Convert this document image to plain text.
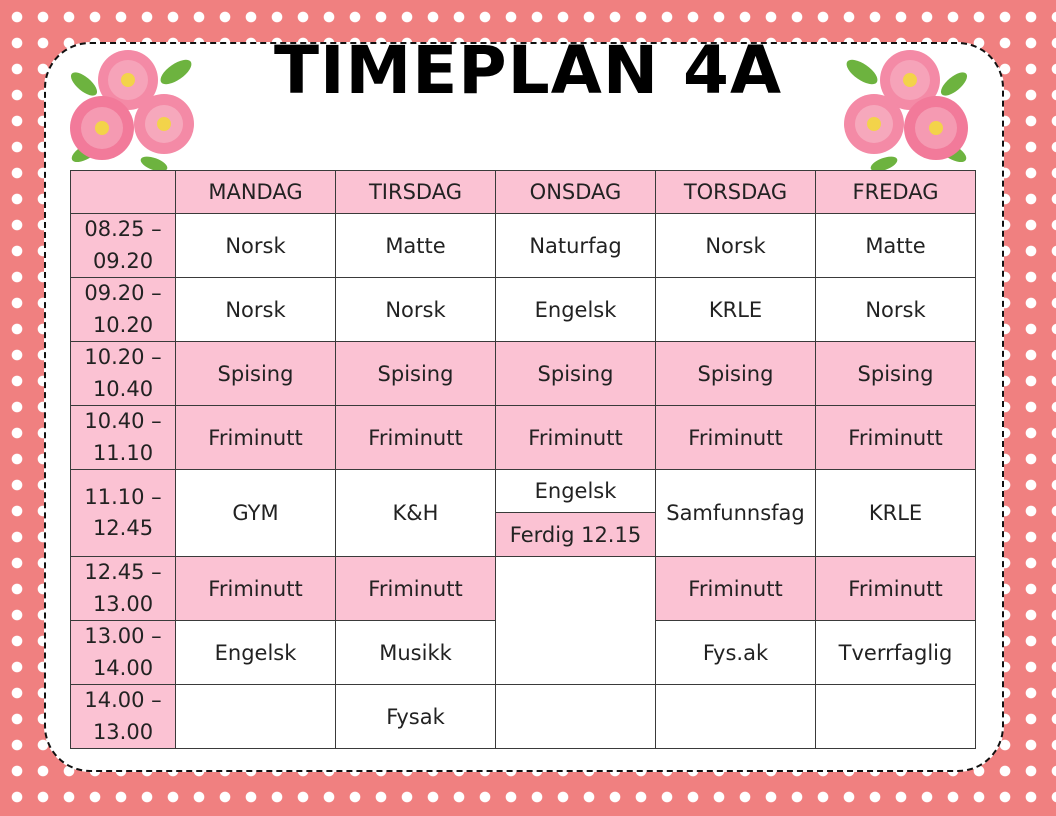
TIMEPLAN 4A
	MANDAG	TIRSDAG	ONSDAG	TORSDAG	FREDAG
08.25 –
09.20	Norsk	Matte	Naturfag	Norsk	Matte
09.20 –
10.20	Norsk	Norsk	Engelsk	KRLE	Norsk
10.20 –
10.40	Spising	Spising	Spising	Spising	Spising
10.40 –
11.10	Friminutt	Friminutt	Friminutt	Friminutt	Friminutt
11.10 –
12.45	GYM	K&H	Engelsk	Samfunnsfag	KRLE
			Ferdig 12.15		
12.45 –
13.00	Friminutt	Friminutt		Friminutt	Friminutt
13.00 –
14.00	Engelsk	Musikk		Fys.ak	Tverrfaglig
14.00 –
13.00		Fysak			
